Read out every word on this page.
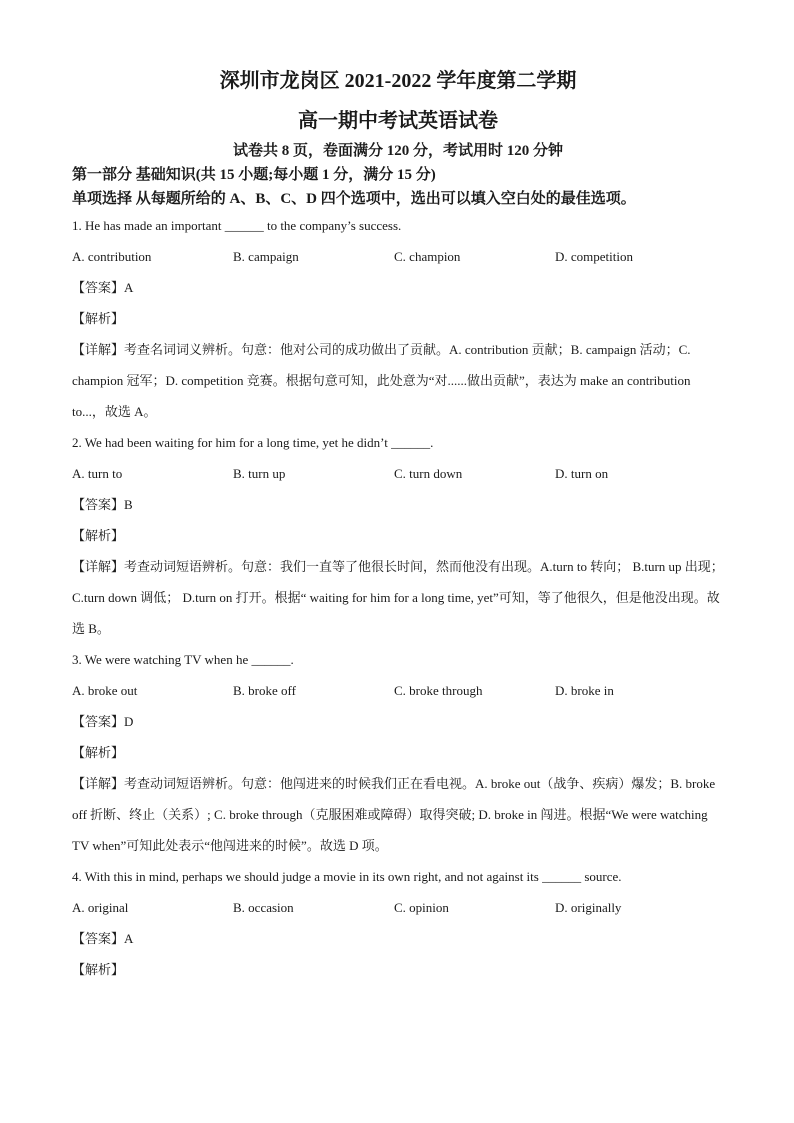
深圳市龙岗区 2021-2022 学年度第二学期
高一期中考试英语试卷
试卷共 8 页，卷面满分 120 分，考试用时 120 分钟
第一部分 基础知识(共 15 小题;每小题 1 分，满分 15 分)
单项选择 从每题所给的 A、B、C、D 四个选项中，选出可以填入空白处的最佳选项。
1. He has made an important ______ to the company’s success.
A. contribution	B. campaign	C. champion	D. competition
【答案】A
【解析】
【详解】考查名词词义辨析。句意：他对公司的成功做出了贡献。A. contribution 贡献；B. campaign 活动；C. champion 冠军；D. competition 竞赛。根据句意可知，此处意为“对......做出贡献”，表达为 make an contribution to...，故选 A。
2. We had been waiting for him for a long time, yet he didn’t ______.
A. turn to	B. turn up	C. turn down	D. turn on
【答案】B
【解析】
【详解】考查动词短语辨析。句意：我们一直等了他很长时间，然而他没有出现。A.turn to 转向； B.turn up 出现；C.turn down 调低； D.turn on 打开。根据“ waiting for him for a long time, yet”可知，等了他很久，但是他没出现。故选 B。
3. We were watching TV when he ______.
A. broke out	B. broke off	C. broke through	D. broke in
【答案】D
【解析】
【详解】考查动词短语辨析。句意：他闯进来的时候我们正在看电视。A. broke out（战争、疾病）爆发；B. broke off 折断、终止（关系）; C. broke through（克服困难或障碍）取得突破; D. broke in 闯进。根据“We were watching TV when”可知此处表示“他闯进来的时候”。故选 D 项。
4. With this in mind, perhaps we should judge a movie in its own right, and not against its ______ source.
A. original	B. occasion	C. opinion	D. originally
【答案】A
【解析】
